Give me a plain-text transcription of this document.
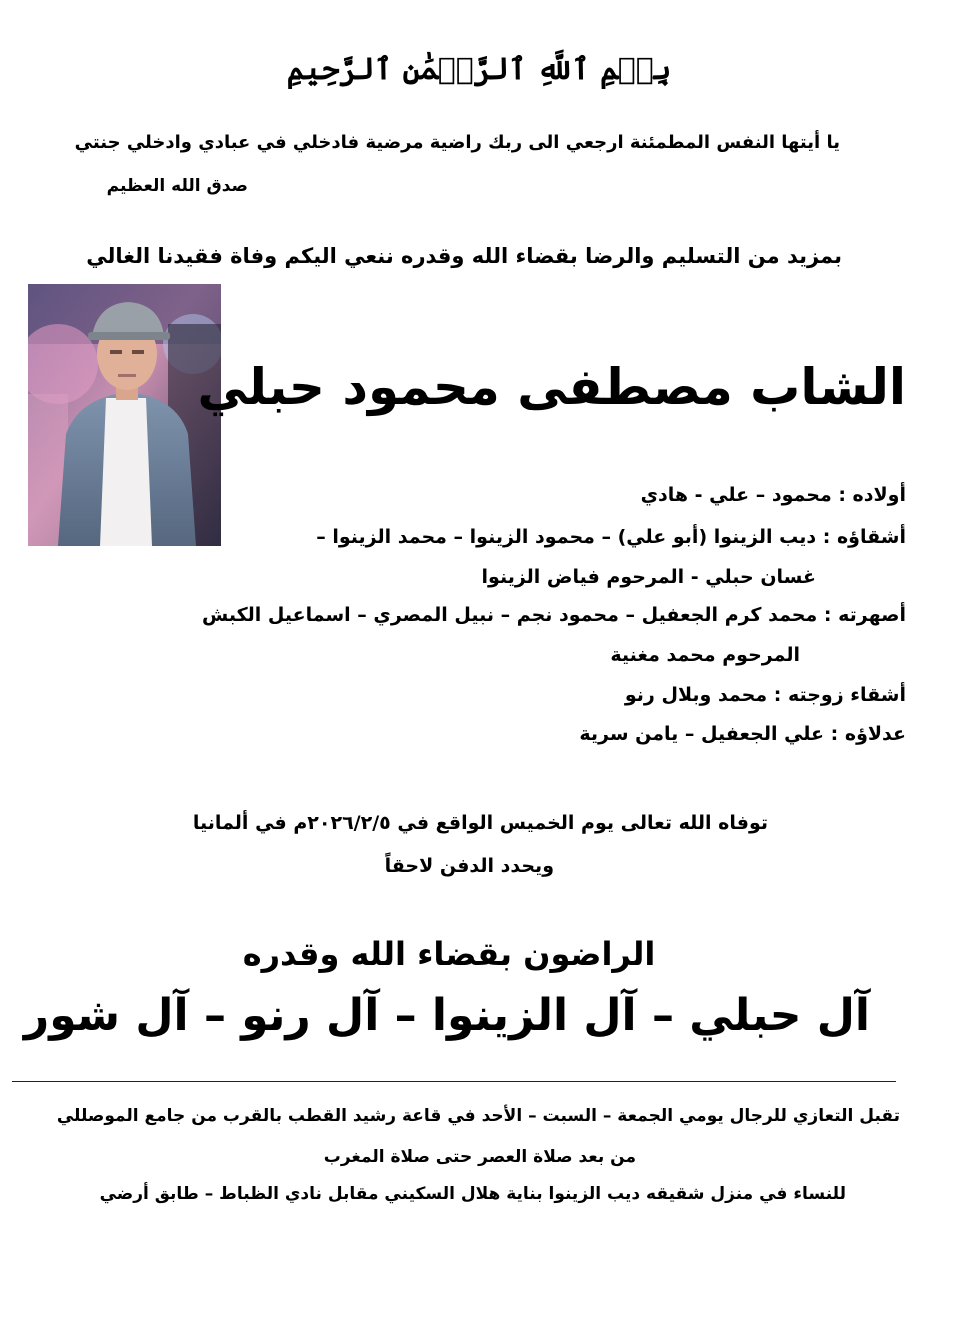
بِسۡمِ ٱللَّهِ ٱلرَّحۡمَٰنِ ٱلرَّحِيمِ
يا أيتها النفس المطمئنة ارجعي الى ربك راضية مرضية فادخلي في عبادي وادخلي جنتي
صدق الله العظيم
بمزيد من التسليم والرضا بقضاء الله وقدره ننعي اليكم وفاة فقيدنا الغالي
الشاب مصطفى محمود حبلي
أولاده : محمود – علي - هادي
أشقاؤه : ديب الزينوا (أبو علي) – محمود الزينوا – محمد الزينوا –
غسان حبلي - المرحوم فياض الزينوا
أصهرته : محمد كرم الجعفيل – محمود نجم – نبيل المصري – اسماعيل الكبش
المرحوم محمد مغنية
أشقاء زوجته : محمد وبلال رنو
عدلاؤه : علي الجعفيل – يامن سرية
توفاه الله تعالى يوم الخميس الواقع في ٢٠٢٦/٢/٥م في ألمانيا
ويحدد الدفن لاحقاً
الراضون بقضاء الله وقدره
آل حبلي – آل الزينوا – آل رنو – آل شور
تقبل التعازي للرجال يومي الجمعة – السبت – الأحد في قاعة رشيد القطب بالقرب من جامع الموصللي
من بعد صلاة العصر حتى صلاة المغرب
للنساء في منزل شقيقه ديب الزينوا بناية هلال السكيني مقابل نادي الظباط – طابق أرضي
